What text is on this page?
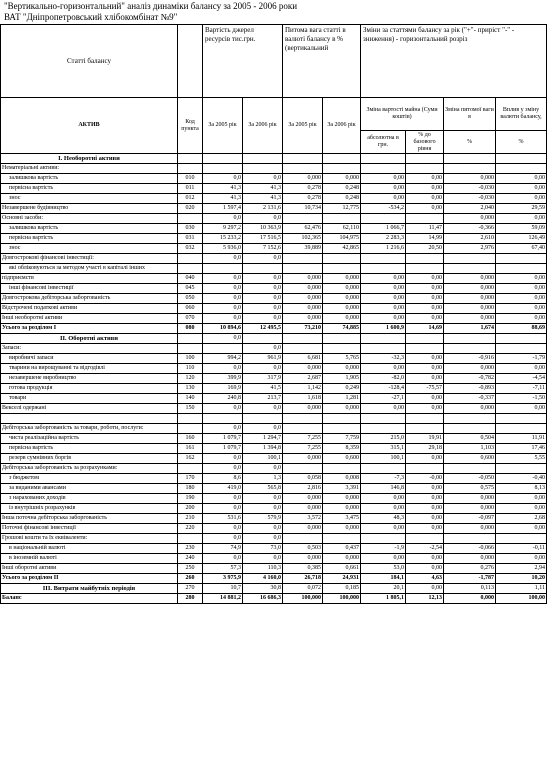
"Вертикально-горизонтальний" аналіз динаміки балансу за 2005 - 2006 роки
ВАТ "Дніпропетровський хлібокомбінат №9"
Статті балансу		Вартість джерел ресурсів тис.грн.		Питома вага статті в валюті балансу в % (вертикальний		Зміни за статтями балансу за рік ("+"- приріст "-" - зниження) - горизонтальний розріз			
АКТИВ	Код пункта	За 2005 рік	За 2006 рік	За 2005 рік	За 2006 рік	Зміна вартості майна (Суми коштів)		Зміна питомої ваги в	Вплив у зміну валюти балансу,
						абсолютна в грн.	% до базового рівня	%	%
І. Необоротні активи									
Нематеріальні активи:									
залишкова вартість	010	0,0	0,0	0,000	0,000	0,00	0,00	0,000	0,00
первісна вартість	011	41,3	41,3	0,278	0,248	0,00	0,00	-0,030	0,00
знос	012	41,3	41,3	0,278	0,248	0,00	0,00	-0,030	0,00
Незавершене будівництво	020	1 597,4	2 131,6	10,734	12,775	-534,2	0,00	2,040	29,59
Основні засоби:		0,0	0,0					0,000	0,00
залишкова вартість	030	9 297,2	10 363,9	62,476	62,110	1 066,7	11,47	-0,366	59,09
первісна вартість	031	15 233,2	17 516,5	102,365	104,975	2 283,3	14,99	2,610	126,49
знос	032	5 936,0	7 152,6	39,889	42,865	1 216,6	20,50	2,976	67,40
Довгострокові фінансові інвестиції:		0,0	0,0						
які обліковуються за методом участі в капіталі інших									
підприємств	040	0,0	0,0	0,000	0,000	0,00	0,00	0,000	0,00
інші фінансові інвестиції	045	0,0	0,0	0,000	0,000	0,00	0,00	0,000	0,00
Довгострокова дебіторська заборгованість	050	0,0	0,0	0,000	0,000	0,00	0,00	0,000	0,00
Відстрочені податкові активи	060	0,0	0,0	0,000	0,000	0,00	0,00	0,000	0,00
Інші необоротні активи	070	0,0	0,0	0,000	0,000	0,00	0,00	0,000	0,00
Усього за розділом І	080	10 894,6	12 495,5	73,210	74,885	1 600,9	14,69	1,674	88,69
ІІ. Оборотні активи		0,0							
Запаси:			0,0						
виробничі запаси	100	994,2	961,9	6,681	5,765	-32,3	0,00	-0,916	-1,79
тварини на вирощуванні та відгодівлі	110	0,0	0,0	0,000	0,000	0,00	0,00	0,000	0,00
незавершене виробництво	120	399,9	317,9	2,687	1,905	-82,0	0,00	-0,782	-4,54
готова продукція	130	169,9	41,5	1,142	0,249	-128,4	-75,57	-0,893	-7,11
товари	140	240,8	213,7	1,618	1,281	-27,1	0,00	-0,337	-1,50
Векселі одержані	150	0,0	0,0	0,000	0,000	0,00	0,00	0,000	0,00

Дебіторська заборгованість за товари, роботи, послуги:		0,0	0,0						
чиста реалізаційна вартість	160	1 079,7	1 294,7	7,255	7,759	215,0	19,91	0,504	11,91
первісна вартість	161	1 079,7	1 394,8	7,255	8,359	315,1	29,18	1,103	17,46
резерв сумнівних боргів	162	0,0	100,1	0,000	0,600	100,1	0,00	0,600	5,55
Дебіторська заборгованість за розрахунками:		0,0	0,0						
з бюджетом	170	8,6	1,3	0,058	0,008	-7,3	-0,00	-0,050	-0,40
за виданими авансами	180	419,0	565,8	2,816	3,391	146,8	0,00	0,575	8,13
з нарахованих доходів	190	0,0	0,0	0,000	0,000	0,00	0,00	0,000	0,00
із внутрішніх розрахунків	200	0,0	0,0	0,000	0,000	0,00	0,00	0,000	0,00
Інша поточна дебіторська заборгованість	210	531,6	579,9	3,572	3,475	48,3	0,00	-0,097	2,68
Поточні фінансові інвестиції	220	0,0	0,0	0,000	0,000	0,00	0,00	0,000	0,00
Грошові кошти та їх еквіваленти:		0,0	0,0						
в національній валюті	230	74,9	73,0	0,503	0,437	-1,9	-2,54	-0,066	-0,11
в іноземній валюті	240	0,0	0,0	0,000	0,000	0,00	0,00	0,000	0,00
Інші оборотні активи	250	57,3	110,3	0,385	0,661	53,0	0,00	0,276	2,94
Усього за розділом ІІ	260	3 975,9	4 160,0	26,718	24,931	184,1	4,63	-1,787	10,20
ІІІ. Витрати майбутніх періодів	270	10,7	30,8	0,072	0,185	20,1	0,00	0,113	1,11
Баланс	280	14 881,2	16 686,3	100,000	100,000	1 805,1	12,13	0,000	100,00
